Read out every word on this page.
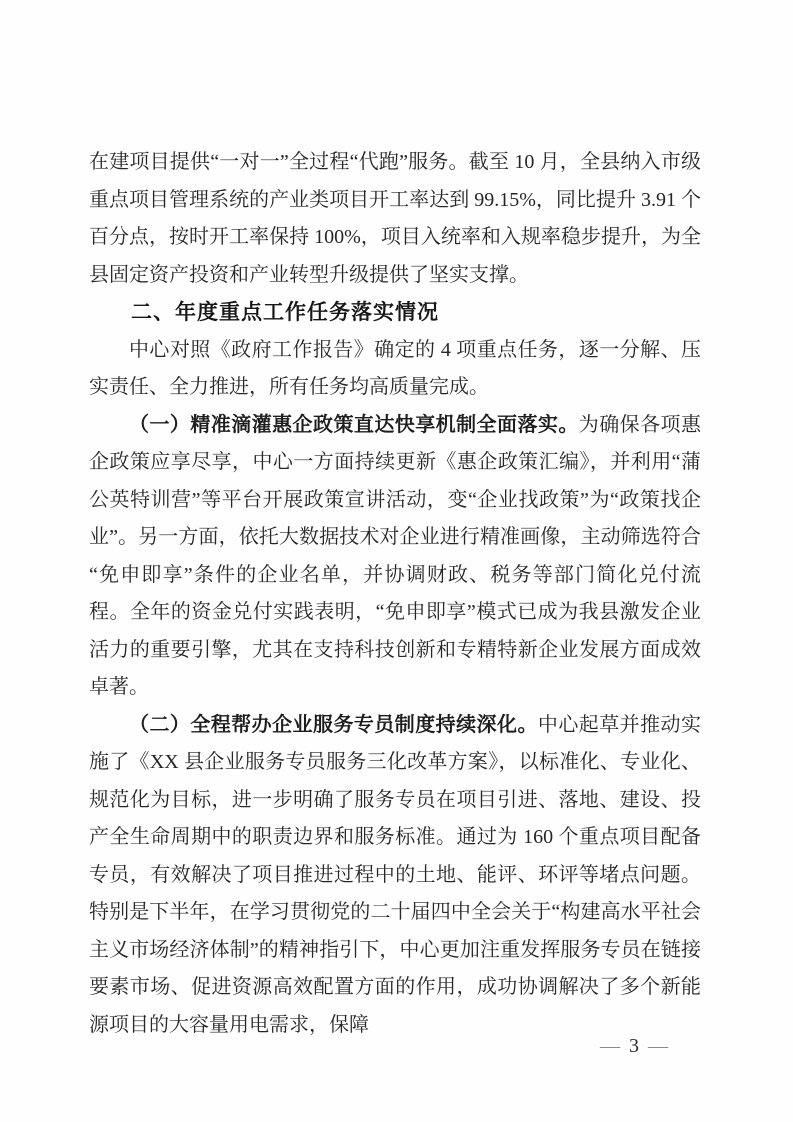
在建项目提供“一对一”全过程“代跑”服务。截至 10 月，全县纳入市级重点项目管理系统的产业类项目开工率达到 99.15%，同比提升 3.91 个百分点，按时开工率保持 100%，项目入统率和入规率稳步提升，为全县固定资产投资和产业转型升级提供了坚实支撑。

二、年度重点工作任务落实情况

中心对照《政府工作报告》确定的 4 项重点任务，逐一分解、压实责任、全力推进，所有任务均高质量完成。

（一）精准滴灌惠企政策直达快享机制全面落实。为确保各项惠企政策应享尽享，中心一方面持续更新《惠企政策汇编》，并利用“蒲公英特训营”等平台开展政策宣讲活动，变“企业找政策”为“政策找企业”。另一方面，依托大数据技术对企业进行精准画像，主动筛选符合“免申即享”条件的企业名单，并协调财政、税务等部门简化兑付流程。全年的资金兑付实践表明，“免申即享”模式已成为我县激发企业活力的重要引擎，尤其在支持科技创新和专精特新企业发展方面成效卓著。

（二）全程帮办企业服务专员制度持续深化。中心起草并推动实施了《XX 县企业服务专员服务三化改革方案》，以标准化、专业化、规范化为目标，进一步明确了服务专员在项目引进、落地、建设、投产全生命周期中的职责边界和服务标准。通过为 160 个重点项目配备专员，有效解决了项目推进过程中的土地、能评、环评等堵点问题。特别是下半年，在学习贯彻党的二十届四中全会关于“构建高水平社会主义市场经济体制”的精神指引下，中心更加注重发挥服务专员在链接要素市场、促进资源高效配置方面的作用，成功协调解决了多个新能源项目的大容量用电需求，保障

— 3 —
